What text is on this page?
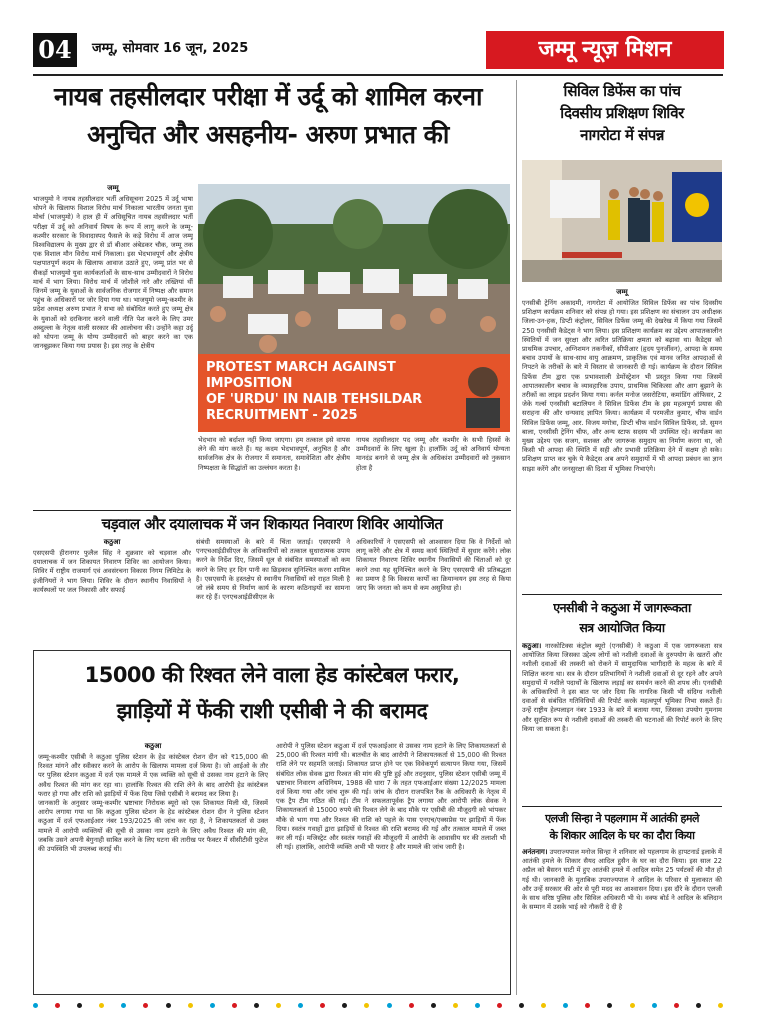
04	जम्मू, सोमवार 16 जून, 2025	जम्मू न्यूज़ मिशन
नायब तहसीलदार परीक्षा में उर्दू को शामिल करना
अनुचित और असहनीय- अरुण प्रभात की
जम्मू
भाजयुमो ने नायब तहसीलदार भर्ती अधिसूचना 2025 में उर्दू भाषा थोपने के खिलाफ विशाल विरोध मार्च निकाला भारतीय जनता युवा मोर्चा (भाजयुमो) ने हाल ही में अधिसूचित नायब तहसीलदार भर्ती परीक्षा में उर्दू को अनिवार्य विषय के रूप में लागू करने के जम्मू-कश्मीर सरकार के विवादास्पद फैसले के कड़े विरोध में आज जम्मू विश्वविद्यालय के मुख्य द्वार से डॉ बीआर अंबेडकर चौक, जम्मू तक एक विशाल मौन विरोध मार्च निकाला। इस भेदभावपूर्ण और क्षेत्रीय पक्षपातपूर्ण कदम के खिलाफ आवाज उठाते हुए, जम्मू प्रांत भर से सैकड़ों भाजयुमो युवा कार्यकर्ताओं के साथ-साथ उम्मीदवारों ने विरोध मार्च में भाग लिया। विरोध मार्च में जोशीले नारे और तख्तियां थीं जिनमें जम्मू के युवाओं के सार्वजनिक रोजगार में निष्पक्ष और समान पहुंच के अधिकारों पर जोर दिया गया था। भाजयुमो जम्मू-कश्मीर के प्रदेश अध्यक्ष अरुण प्रभात ने सभा को संबोधित करते हुए जम्मू क्षेत्र के युवाओं को दरकिनार करने वाली नीति पेश करने के लिए उमर अब्दुल्ला के नेतृत्व वाली सरकार की आलोचना की। उन्होंने कहा उर्दू को थोपना जम्मू के योग्य उम्मीदवारों को बाहर करने का एक जानबूझकर किया गया प्रयास है। इस तरह के क्षेत्रीय
PROTEST MARCH AGAINST IMPOSITION
OF 'URDU' IN NAIB TEHSILDAR
RECRUITMENT - 2025
भेदभाव को बर्दाश्त नहीं किया जाएगा। हम तत्काल इसे वापस लेने की मांग करते हैं। यह कदम भेदभावपूर्ण, अनुचित है और सार्वजनिक क्षेत्र के रोजगार में समानता, समावेशिता और क्षेत्रीय निष्पक्षता के सिद्धांतों का उल्लंघन करता है।
नायब तहसीलदार पद जम्मू और कश्मीर के सभी हिस्सों के उम्मीदवारों के लिए खुला है। हालाँकि उर्दू को अनिवार्य योग्यता मानदंड बनाने से जम्मू क्षेत्र के अधिकांश उम्मीदवारों को नुकसान होता है
चड़वाल और दयालाचक में जन शिकायत निवारण शिविर आयोजित
कठुआ
एसएसपी हीरानगर फुलैल सिंह ने शुक्रवार को चड़वाल और दयालाचक में जन शिकायत निवारण शिविर का आयोजन किया। शिविर में राष्ट्रीय राजमार्ग एवं अवसंरचना विकास निगम लिमिटेड के इंजीनियरों ने भाग लिया। शिविर के दौरान स्थानीय निवासियों ने कार्यस्थलों पर जल निकासी और सफाई
संबंधी समस्याओं के बारे में चिंता जताई। एसएसपी ने एनएचआईडीसीएल के अधिकारियों को तत्काल सुधारात्मक उपाय करने के निर्देश दिए, जिसमें धूल से संबंधित समस्याओं को कम करने के लिए हर दिन पानी का छिड़काव सुनिश्चित करना शामिल है। एसएसपी के हस्तक्षेप से स्थानीय निवासियों को राहत मिली है जो लंबे समय से निर्माण कार्य के कारण कठिनाइयों का सामना कर रहे हैं। एनएचआईडीसीएल के
अधिकारियों ने एसएसपी को आश्वासन दिया कि वे निर्देशों को लागू करेंगे और क्षेत्र में समग्र कार्य स्थितियों में सुधार करेंगे। लोक शिकायत निवारण शिविर स्थानीय निवासियों की चिंताओं को दूर करने तथा यह सुनिश्चित करने के लिए एसएसपी की प्रतिबद्धता का प्रमाण है कि विकास कार्यों का क्रियान्वयन इस तरह से किया जाए कि जनता को कम से कम असुविधा हो।
15000 की रिश्वत लेने वाला हेड कांस्टेबल फरार,
झाड़ियों में फेंकी राशी एसीबी ने की बरामद
कठुआ
जम्मू-कश्मीर एसीबी ने कठुआ पुलिस स्टेशन के हेड कांस्टेबल रोशन दीन को ₹15,000 की रिश्वत मांगने और स्वीकार करने के आरोप के खिलाफ मामला दर्ज किया है। जो आईओ के तौर पर पुलिस स्टेशन कठुआ में दर्ज एक मामले में एक व्यक्ति को सूची से उसका नाम हटाने के लिए अवैध रिश्वत की मांग कर रहा था। हालांकि रिश्वत की राशि लेने के बाद आरोपी हेड कांस्टेबल फरार हो गया और राशि को झाड़ियों में फेंक दिया जिसे एसीबी ने बरामद कर लिया है।
जानकारी के अनुसार जम्मू-कश्मीर भ्रष्टाचार निरोधक ब्यूरो को एक शिकायत मिली थी, जिसमें आरोप लगाया गया था कि कठुआ पुलिस स्टेशन के हेड कांस्टेबल रोशन दीन ने पुलिस स्टेशन कठुआ में दर्ज एफआईआर नंबर 193/2025 की जांच कर रहा है, ने शिकायतकर्ता से उक्त मामले में आरोपी व्यक्तियों की सूची से उसका नाम हटाने के लिए अवैध रिश्वत की मांग की, जबकि उसने अपनी बेगुनाही साबित करने के लिए घटना की तारीख पर फैक्टर में सीसीटीवी फुटेज की उपस्थिति भी उपलब्ध कराई थी।
आरोपी ने पुलिस स्टेशन कठुआ में दर्ज एफआईआर से उसका नाम हटाने के लिए शिकायतकर्ता से 25,000 की रिश्वत मांगी थी। बातचीत के बाद आरोपी ने शिकायतकर्ता से 15,000 की रिश्वत राशि लेने पर सहमति जताई। शिकायत प्राप्त होने पर एक विवेकपूर्ण सत्यापन किया गया, जिसमें संबंधित लोक सेवक द्वारा रिश्वत की मांग की पुष्टि हुई और तदनुसार, पुलिस स्टेशन एसीबी जम्मू में भ्रष्टाचार निवारण अधिनियम, 1988 की धारा 7 के तहत एफआईआर संख्या 12/2025 मामला दर्ज किया गया और जांच शुरू की गई। जांच के दौरान राजपत्रित रैंक के अधिकारी के नेतृत्व में एक ट्रैप टीम गठित की गई। टीम ने सफलतापूर्वक ट्रैप लगाया और आरोपी लोक सेवक ने शिकायतकर्ता से 15000 रुपये की रिश्वत लेने के बाद मौके पर एसीबी की मौजूदगी को भांपकर मौके से भाग गया और रिश्वत की राशि को पहले के पास एनएच/एक्सप्रेस पर झाड़ियों में फेंक दिया। स्वतंत्र गवाहों द्वारा झाड़ियों से रिश्वत की राशि बरामद की गई और तत्काल मामले में जब्त कर ली गई। मजिस्ट्रेट और स्वतंत्र गवाहों की मौजूदगी में आरोपी के आवासीय घर की तलाशी भी ली गई। हालांकि, आरोपी व्यक्ति अभी भी फरार है और मामले की जांच जारी है।
सिविल डिफेंस का पांच
दिवसीय प्रशिक्षण शिविर
नागरोटा में संपन्न
जम्मू
एनसीबी ट्रेनिंग अकादमी, नागरोटा में आयोजित सिविल डिफेंस का पांच दिवसीय प्रशिक्षण कार्यक्रम शनिवार को संपन्न हो गया। इस प्रशिक्षण का संचालन उप अधीक्षक जिला-उन-हक, डिप्टी कंट्रोलर, सिविल डिफेंस जम्मू की देखरेख में किया गया जिसमें 250 एनसीसी कैडेट्स ने भाग लिया। इस प्रशिक्षण कार्यक्रम का उद्देश्य आपातकालीन स्थितियों में जन सुरक्षा और त्वरित प्रतिक्रिया क्षमता को बढ़ावा था। कैडेट्स को प्राथमिक उपचार, अग्निशमन तकनीकों, सीपीआर (हृदय पुनर्जीवन), आपदा के समय बचाव उपायों के साथ-साथ वायु आक्रमण, प्राकृतिक एवं मानव जनित आपदाओं से निपटने के तरीकों के बारे में विस्तार से जानकारी दी गई। कार्यक्रम के दौरान सिविल डिफेंस टीम द्वारा एक प्रभावशाली डेमोंस्ट्रेशन भी प्रस्तुत किया गया जिसमें आपातकालीन बचाव के व्यावहारिक उपाय, प्राथमिक चिकित्सा और आग बुझाने के तरीकों का लाइव प्रदर्शन किया गया। कर्नल मनोज जसरोटिया, कमांडिंग ऑफिसर, 2 जेके गर्ल्स एनसीसी बटालियन ने सिविल डिफेंस टीम के इस महत्वपूर्ण प्रयास की सराहना की और धन्यवाद ज्ञापित किया। कार्यक्रम में परमजीत कुमार, चीफ वार्डन सिविल डिफेंस जम्मू, आर. विजय मगोत्रा, डिप्टी चीफ वार्डन सिविल डिफेंस, प्रो. सुमन बाला, एनसीसी ट्रेनिंग चीफ, और अन्य स्टाफ सदस्य भी उपस्थित रहे। कार्यक्रम का मुख्य उद्देश्य एक सजग, सशक्त और जागरूक समुदाय का निर्माण करना था, जो किसी भी आपदा की स्थिति में सही और प्रभावी प्रतिक्रिया देने में सक्षम हो सके। प्रशिक्षण प्राप्त कर चुके ये कैडेट्स अब अपने समुदायों में भी आपदा प्रबंधन का ज्ञान साझा करेंगे और जनसुरक्षा की दिशा में भूमिका निभाएंगे।
एनसीबी ने कठुआ में जागरूकता
सत्र आयोजित किया
कठुआ। नारकोटिक्स कंट्रोल ब्यूरो (एनसीबी) ने कठुआ में एक जागरूकता सत्र आयोजित किया जिसका उद्देश्य लोगों को नशीली दवाओं के दुरुपयोग के खतरों और नशीली दवाओं की तस्करी को रोकने में सामुदायिक भागीदारी के महत्व के बारे में शिक्षित करना था। सत्र के दौरान प्रतिभागियों ने नशीली दवाओं से दूर रहने और अपने समुदायों में नशीले पदार्थों के खिलाफ लड़ाई का समर्थन करने की शपथ ली। एनसीबी के अधिकारियों ने इस बात पर जोर दिया कि नागरिक किसी भी संदिग्ध नशीली दवाओं से संबंधित गतिविधियों की रिपोर्ट करके महत्वपूर्ण भूमिका निभा सकते हैं। उन्हें राष्ट्रीय हेल्पलाइन नंबर 1933 के बारे में बताया गया, जिसका उपयोग गुमनाम और सुरक्षित रूप से नशीली दवाओं की तस्करी की घटनाओं की रिपोर्ट करने के लिए किया जा सकता है।
एलजी सिन्हा ने पहलगाम में आतंकी हमले
के शिकार आदिल के घर का दौरा किया
अनंतनाग। उपराज्यपाल मनोज सिन्हा ने शनिवार को पहलगाम के हापटनार्ड इलाके में आतंकी हमले के शिकार सैयद आदिल हुसैन के घर का दौरा किया। इस साल 22 अप्रैल को बैसरन घाटी में हुए आतंकी हमले में आदिल समेत 25 पर्यटकों की मौत हो गई थी। जानकारी के मुताबिक उपराज्यपाल ने आदिल के परिवार से मुलाकात की और उन्हें सरकार की ओर से पूरी मदद का आश्वासन दिया। इस दौरे के दौरान एलजी के साथ वरिष्ठ पुलिस और सिविल अधिकारी भी थे। वक्फ बोर्ड ने आदिल के बलिदान के सम्मान में उसके भाई को नौकरी दे दी है
